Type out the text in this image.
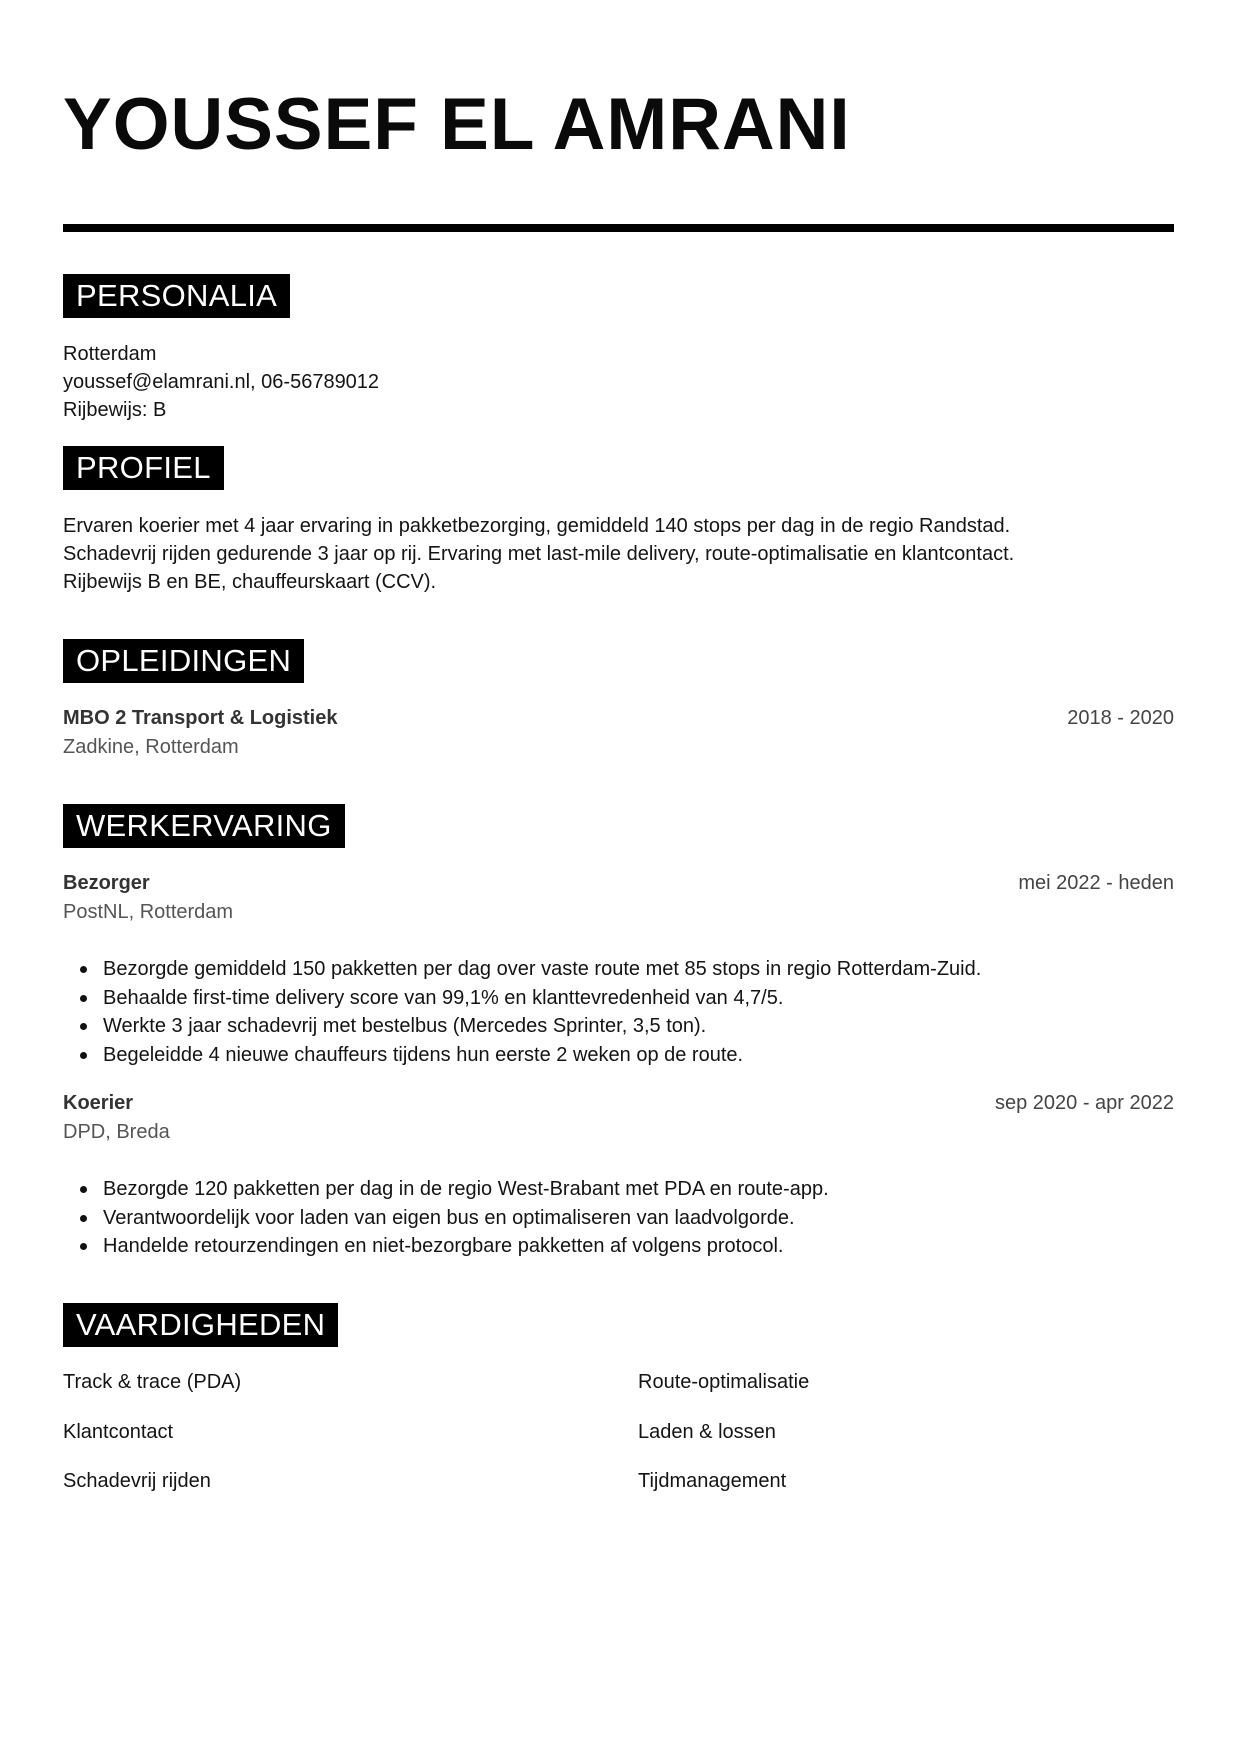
YOUSSEF EL AMRANI
PERSONALIA
Rotterdam
youssef@elamrani.nl, 06-56789012
Rijbewijs: B
PROFIEL

Ervaren koerier met 4 jaar ervaring in pakketbezorging, gemiddeld 140 stops per dag in de regio Randstad.
Schadevrij rijden gedurende 3 jaar op rij. Ervaring met last-mile delivery, route-optimalisatie en klantcontact.
Rijbewijs B en BE, chauffeurskaart (CCV).

OPLEIDINGEN
MBO 2 Transport & Logistiek	2018 - 2020
Zadkine, Rotterdam
WERKERVARING
Bezorger	mei 2022 - heden
PostNL, Rotterdam
Bezorgde gemiddeld 150 pakketten per dag over vaste route met 85 stops in regio Rotterdam-Zuid.
Behaalde first-time delivery score van 99,1% en klanttevredenheid van 4,7/5.
Werkte 3 jaar schadevrij met bestelbus (Mercedes Sprinter, 3,5 ton).
Begeleidde 4 nieuwe chauffeurs tijdens hun eerste 2 weken op de route.
Koerier	sep 2020 - apr 2022
DPD, Breda
Bezorgde 120 pakketten per dag in de regio West-Brabant met PDA en route-app.
Verantwoordelijk voor laden van eigen bus en optimaliseren van laadvolgorde.
Handelde retourzendingen en niet-bezorgbare pakketten af volgens protocol.
VAARDIGHEDEN
Track & trace (PDA)	Route-optimalisatie
Klantcontact	Laden & lossen
Schadevrij rijden	Tijdmanagement
